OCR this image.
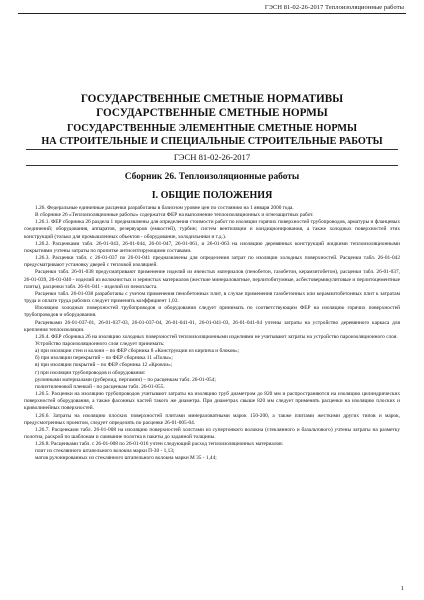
ГЭСН 81-02-26-2017 Теплоизоляционные работы
ГОСУДАРСТВЕННЫЕ СМЕТНЫЕ НОРМАТИВЫ
ГОСУДАРСТВЕННЫЕ СМЕТНЫЕ НОРМЫ
ГОСУДАРСТВЕННЫЕ ЭЛЕМЕНТНЫЕ СМЕТНЫЕ НОРМЫ
НА СТРОИТЕЛЬНЫЕ И СПЕЦИАЛЬНЫЕ СТРОИТЕЛЬНЫЕ РАБОТЫ
ГЭСН 81-02-26-2017
Сборник 26. Теплоизоляционные работы
I. ОБЩИЕ ПОЛОЖЕНИЯ

1.26. Федеральные единичные расценки разработаны в базисном уровне цен по состоянию на 1 января 2000 года.

В сборнике 26 «Теплоизоляционные работы» содержатся ФЕР на выполнение теплоизоляционных и огнезащитных работ.

1.26.1. ФЕР сборника 26 раздела 1 предназначены для определения стоимости работ по изоляции горячих поверхностей трубопроводов, арматуры и фланцевых соединений; оборудования, аппаратов, резервуаров (емкостей), турбин; систем вентиляции и кондиционирования, а также холодных поверхностей этих конструкций (только для промышленных объектов - оборудование, холодильники и т.д.).

1.26.2. Расценками табл. 26-01-043, 26-01-044, 26-01-047, 26-01-061, и 26-01-063 на изоляцию деревянных конструкций жидкими теплоизоляционными покрытиями учтены затраты по пропитке антисептирующими составами.

1.26.3. Расценки табл. с 26-01-037 по 26-01-041 предназначены для определения затрат по изоляции холодных поверхностей. Расценки табл. 26-01-042 предусматривают установку дверей с тепловой изоляцией.

Расценки табл. 26-01-038 предусматривают применение изделий из ячеистых материалов (пенобетон, газобетон, керамзитобетон), расценки табл. 26-01-037, 26-01-039, 26-01-040 - изделий из волокнистых и зернистых материалов (жесткие минераловатные, перлитобитумные, асбестовермикулитовые и перлитоцементные плиты), расценки табл. 26-01-041 - изделий из пенопласта.

Расценки табл. 26-01-038 разработаны с учетом применения пенобетонных плит, в случае применения газобетонных или керамзитобетонных плит к затратам труда и оплате труда рабочих следует применять коэффициент 1,03.

Изоляцию холодных поверхностей трубопроводов и оборудования следует принимать по соответствующим ФЕР на изоляцию горячих поверхностей трубопроводов и оборудования.

Расценками 26-01-037-01, 26-01-037-03, 26-01-037-04, 26-01-041-01, 26-01-041-03, 26-01-041-04 учтены затраты на устройство деревянного каркаса для крепления теплоизоляции.

1.26.4. ФЕР сборника 26 на изоляцию холодных поверхностей теплоизоляционными изделиями не учитывают затраты на устройство пароизоляционного слоя.

Устройство пароизоляционного слоя следует принимать:

а) при изоляции стен и колонн – по ФЕР сборника 8 «Конструкции из кирпича и блоков»;

б) при изоляции перекрытий – по ФЕР сборника 11 «Полы»;

в) при изоляции покрытий – по ФЕР сборника 12 «Кровли»;

г) при изоляции трубопроводов и оборудования:

рулонными материалами (рубероид, пергамин) – по расценкам табл. 26-01-054;

полиэтиленовой пленкой - по расценкам табл. 26-01-055.

1.26.5. Расценки на изоляцию трубопроводов учитывают затраты на изоляцию труб диаметром до 820 мм и распространяются на изоляцию цилиндрических поверхностей оборудования, а также фасонных частей такого же диаметра. При диаметрах свыше 820 мм следует применять расценки на изоляцию плоских и криволинейных поверхностей.

1.26.6. Затраты на изоляцию плоских поверхностей плитами минераловатными марок 150-200, а также плитами жесткими других типов и марок, предусмотренных проектом, следует определять по расценке 26-01-005-04.

1.26.7. Расценками табл. 26-01-008 на изоляцию поверхностей холстами из супертонкого волокна (стеклянного и базальтового) учтены затраты на разметку полотна, раскрой по шаблонам и сшивание полотна в пакеты до заданной толщины.

1.26.8. Расценками табл. с 26-01-008 по 26-01-016 учтен следующий расход теплоизоляционных материалов:

плит из стеклянного штапельного волокна марки П-30 - 1,13;

матов рулонированных из стеклянного штапельного волокна марки М 35 - 1,44;

1
